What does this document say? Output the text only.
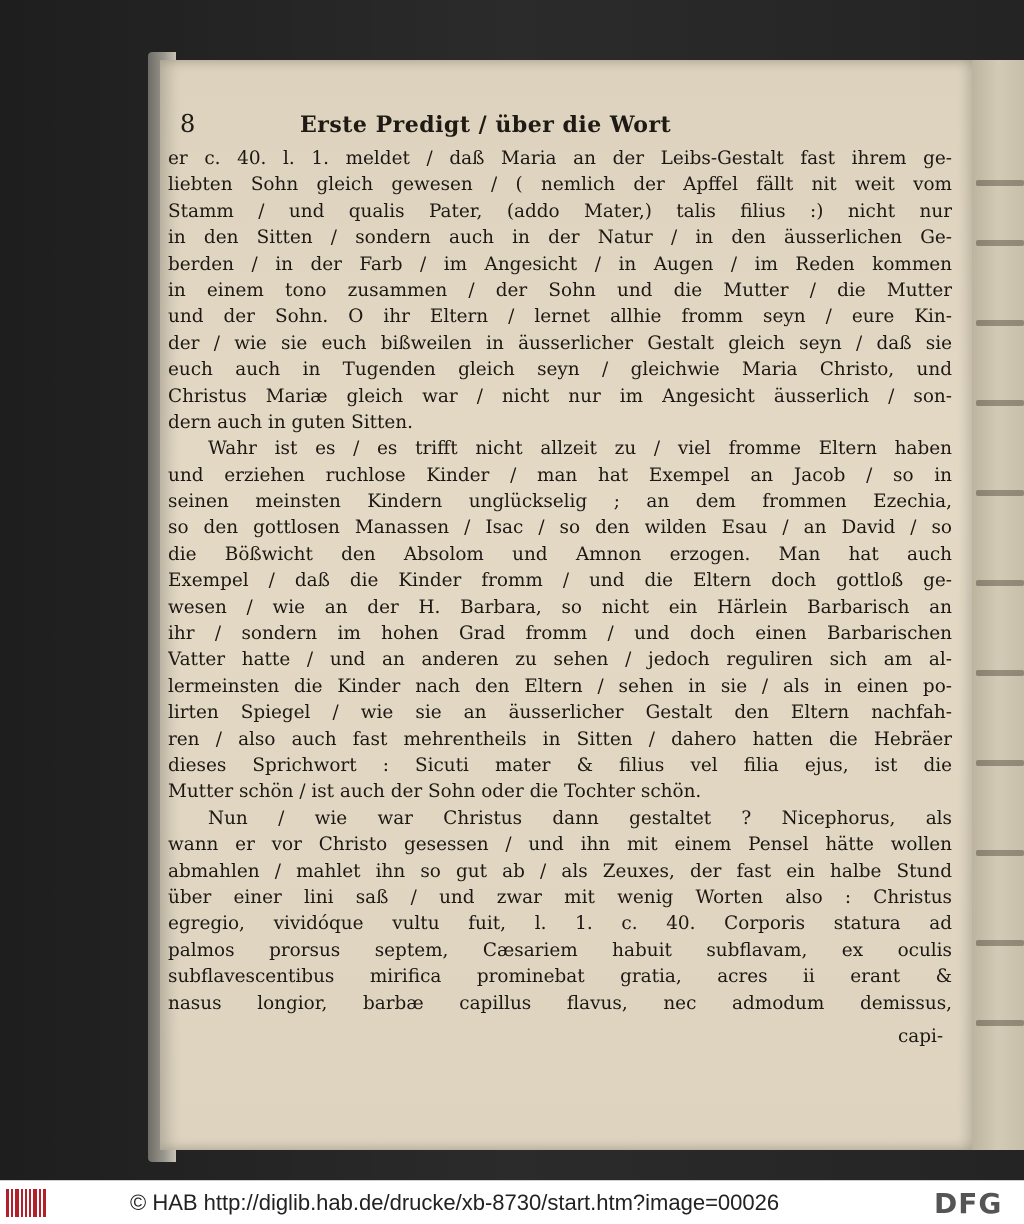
8	Erste Predigt / über die Wort
er c. 40. l. 1. meldet / daß Maria an der Leibs-Gestalt fast ihrem ge-
liebten Sohn gleich gewesen / ( nemlich der Apffel fällt nit weit vom
Stamm / und qualis Pater, (addo Mater,) talis filius :) nicht nur
in den Sitten / sondern auch in der Natur / in den äusserlichen Ge-
berden / in der Farb / im Angesicht / in Augen / im Reden kommen
in einem tono zusammen / der Sohn und die Mutter / die Mutter
und der Sohn. O ihr Eltern / lernet allhie fromm seyn / eure Kin-
der / wie sie euch bißweilen in äusserlicher Gestalt gleich seyn / daß sie
euch auch in Tugenden gleich seyn / gleichwie Maria Christo, und
Christus Mariæ gleich war / nicht nur im Angesicht äusserlich / son-
dern auch in guten Sitten.
Wahr ist es / es trifft nicht allzeit zu / viel fromme Eltern haben
und erziehen ruchlose Kinder / man hat Exempel an Jacob / so in
seinen meinsten Kindern unglückselig ; an dem frommen Ezechia,
so den gottlosen Manassen / Isac / so den wilden Esau / an David / so
die Bößwicht den Absolom und Amnon erzogen. Man hat auch
Exempel / daß die Kinder fromm / und die Eltern doch gottloß ge-
wesen / wie an der H. Barbara, so nicht ein Härlein Barbarisch an
ihr / sondern im hohen Grad fromm / und doch einen Barbarischen
Vatter hatte / und an anderen zu sehen / jedoch reguliren sich am al-
lermeinsten die Kinder nach den Eltern / sehen in sie / als in einen po-
lirten Spiegel / wie sie an äusserlicher Gestalt den Eltern nachfah-
ren / also auch fast mehrentheils in Sitten / dahero hatten die Hebräer
dieses Sprichwort : Sicuti mater & filius vel filia ejus, ist die
Mutter schön / ist auch der Sohn oder die Tochter schön.
Nun / wie war Christus dann gestaltet ? Nicephorus, als
wann er vor Christo gesessen / und ihn mit einem Pensel hätte wollen
abmahlen / mahlet ihn so gut ab / als Zeuxes, der fast ein halbe Stund
über einer lini saß / und zwar mit wenig Worten also : Christus
egregio, vividóque vultu fuit, l. 1. c. 40. Corporis statura ad
palmos prorsus septem, Cæsariem habuit subflavam, ex oculis
subflavescentibus mirifica prominebat gratia, acres ii erant &
nasus longior, barbæ capillus flavus, nec admodum demissus,
capi-
© HAB http://diglib.hab.de/drucke/xb-8730/start.htm?image=00026	DFG
